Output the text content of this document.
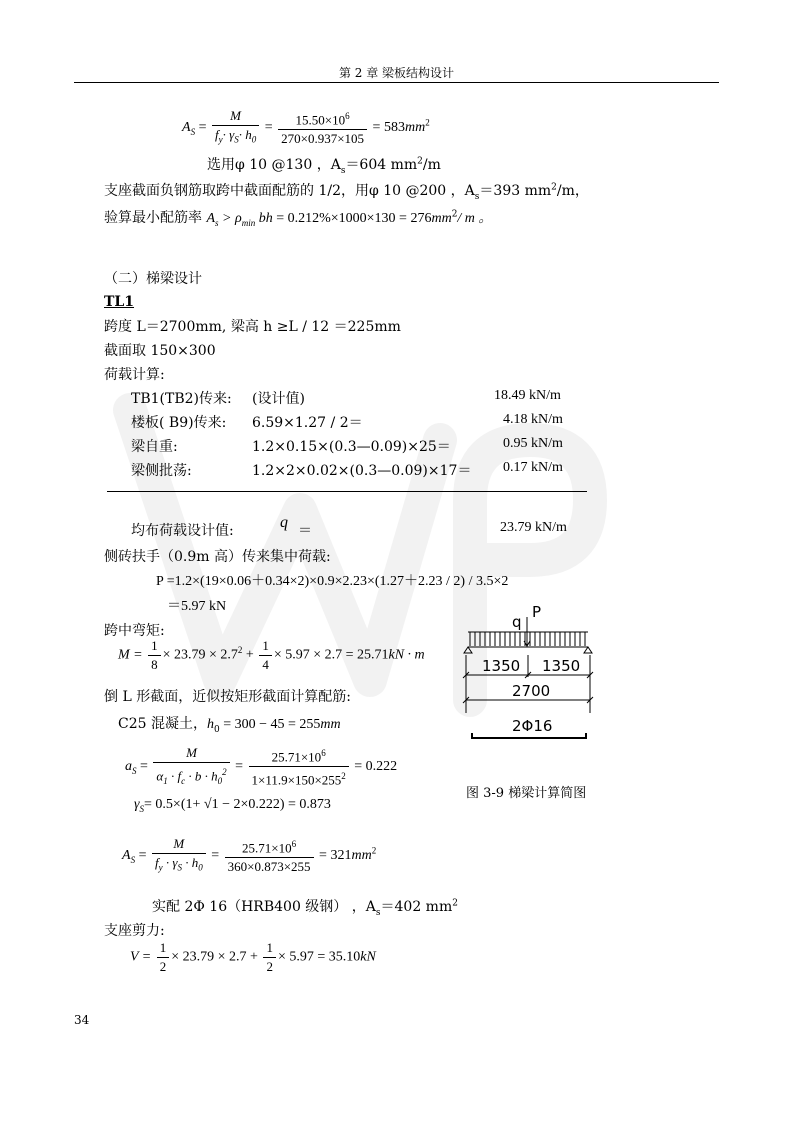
第 2 章 梁板结构设计
$A_S = \frac{M}{f_y\cdot \gamma_S\cdot h_0} = \frac{15.50\times 10^6}{270\times 0.937\times 105} = 583mm^2$
选用φ 10 @130 ，$A_s=604$ $mm^2/m$
支座截面负钢筋取跨中截面配筋的 1/2，用φ 10 @200 ，$A_s=393$ $mm^2/m$，
验算最小配筋率 $A_s > \rho_{min}$ bh = $0.212\%\times 1000\times 130 = 276mm^2/$ m 。
（二）梯梁设计
TL1
跨度 L＝2700mm, 梁高 h ≥L / 12 ＝225mm
截面取 150×300
荷载计算:
TB1(TB2)传来: (设计值)	18.49 kN/m
楼板( B9)传来: 6.59×1.27 / 2＝	4.18 kN/m
梁自重:	1.2×0.15×(0.3—0.09)×25＝	0.95 kN/m
梁侧批荡:	1.2×2×0.02×(0.3—0.09)×17＝ 0.17 kN/m
均布荷载设计值:	q ＝	23.79 kN/m
侧砖扶手（0.9m 高）传来集中荷载:
P =1.2×(19×0.06＋0.34×2)×0.9×2.23×(1.27＋2.23 / 2) / 3.5×2
＝5.97 kN
跨中弯矩:
$M = \frac{1}{8} \times 23.79 \times 2.7^2 + \frac{1}{4} \times 5.97 \times 2.7 = 25.71kN \cdot m$
倒 L 形截面，近似按矩形截面计算配筋:
C25 混凝土，$h_0 = 300 - 45 = 255mm$
$a_S = \frac{M}{\alpha_1 \cdot f_c \cdot b \cdot h_0^2} = \frac{25.71\times 10^6}{1\times 11.9\times 150\times 255^2} = 0.222$
$\gamma_S= 0.5\times(1+ √1 - 2\times 0.222) = 0.873$
$A_S = \frac{M}{f_y \cdot \gamma_S \cdot h_0} = \frac{25.71\times 10^6}{360\times 0.873\times 255} = 321mm^2$
实配 2Φ 16（HRB400 级钢） ，$A_s=402$ $mm^2$
支座剪力:
$V = \frac{1}{2} \times 23.79 \times 2.7 + \frac{1}{2} \times 5.97 = 35.10kN$
q
P
1350 1350
2700
2Φ16
图 3-9 梯梁计算简图
34
